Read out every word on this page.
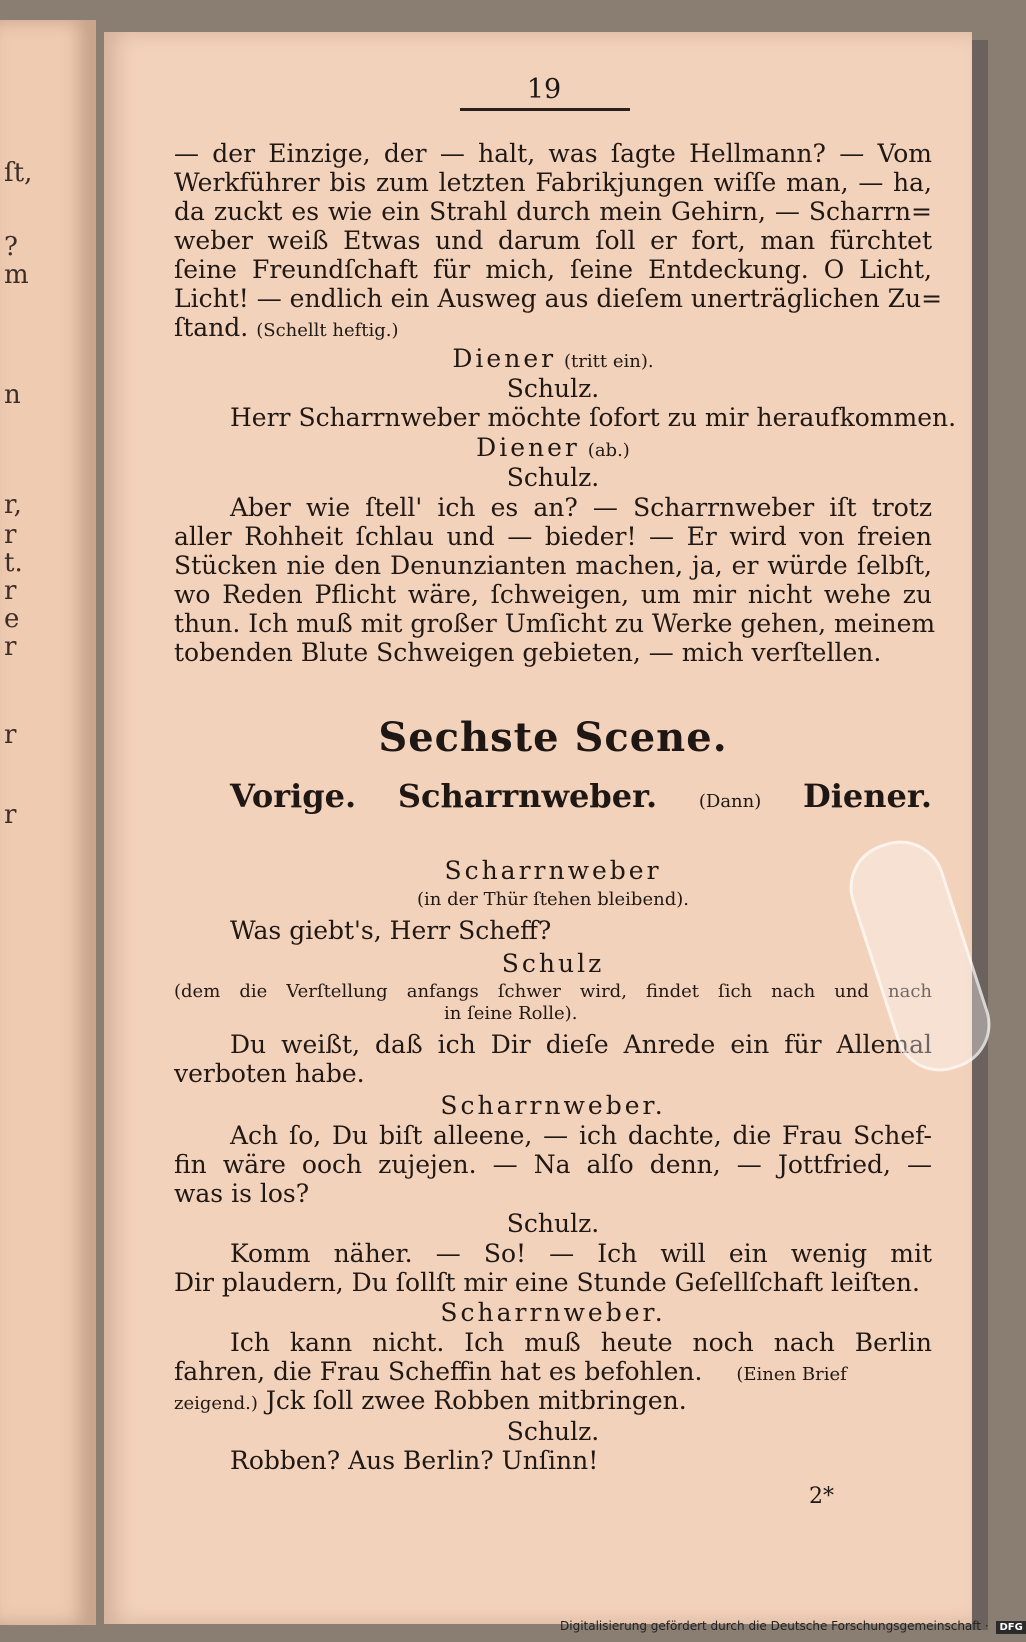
ſt,
?
m
n
r,
r
t.
r
e
r
r
r
19
— der Einzige, der — halt, was ſagte Hellmann? — Vom
Werkführer bis zum letzten Fabrikjungen wiſſe man, — ha,
da zuckt es wie ein Strahl durch mein Gehirn, — Scharrn=
weber weiß Etwas und darum ſoll er fort, man fürchtet
ſeine Freundſchaft für mich, ſeine Entdeckung. O Licht,
Licht! — endlich ein Ausweg aus dieſem unerträglichen Zu=
ſtand. (Schellt heftig.)
Diener (tritt ein).
Schulz.
Herr Scharrnweber möchte ſofort zu mir heraufkommen.
Diener (ab.)
Schulz.
Aber wie ſtell' ich es an? — Scharrnweber iſt trotz
aller Rohheit ſchlau und — bieder! — Er wird von freien
Stücken nie den Denunzianten machen, ja, er würde ſelbſt,
wo Reden Pflicht wäre, ſchweigen, um mir nicht wehe zu
thun. Ich muß mit großer Umſicht zu Werke gehen, meinem
tobenden Blute Schweigen gebieten, — mich verſtellen.
Sechste Scene.
Vorige. Scharrnweber. (Dann) Diener.
Scharrnweber
(in der Thür ſtehen bleibend).
Was giebt's, Herr Scheff?
Schulz
(dem die Verſtellung anfangs ſchwer wird, findet ſich nach und nach
in ſeine Rolle).
Du weißt, daß ich Dir dieſe Anrede ein für Allemal
verboten habe.
Scharrnweber.
Ach ſo, Du biſt alleene, — ich dachte, die Frau Schef-
fin wäre ooch zujejen. — Na alſo denn, — Jottfried, —
was is los?
Schulz.
Komm näher. — So! — Ich will ein wenig mit
Dir plaudern, Du ſollſt mir eine Stunde Geſellſchaft leiſten.
Scharrnweber.
Ich kann nicht. Ich muß heute noch nach Berlin
fahren, die Frau Scheffin hat es befohlen. (Einen Brief
zeigend.) Jck ſoll zwee Robben mitbringen.
Schulz.
Robben? Aus Berlin? Unſinn!
2*
Digitalisierung gefördert durch die Deutsche Forschungsgemeinschaft · DFG
